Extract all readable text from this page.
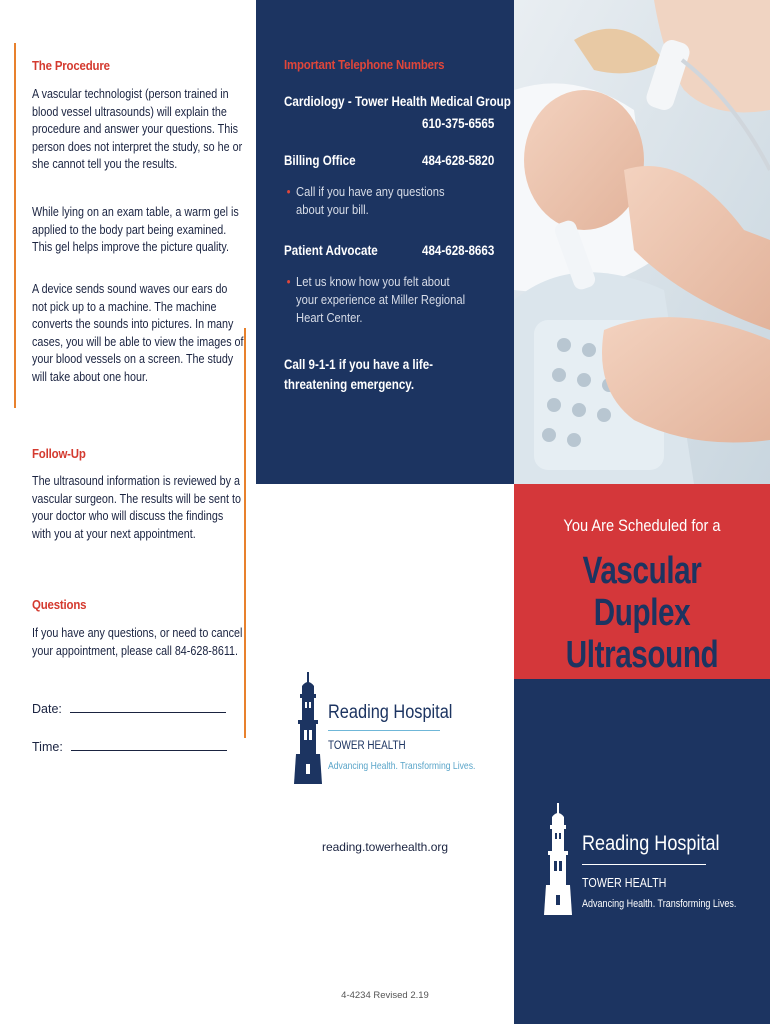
The Procedure
A vascular technologist (person trained in blood vessel ultrasounds) will explain the procedure and answer your questions. This person does not interpret the study, so he or she cannot tell you the results.
While lying on an exam table, a warm gel is applied to the body part being examined. This gel helps improve the picture quality.
A device sends sound waves our ears do not pick up to a machine. The machine converts the sounds into pictures. In many cases, you will be able to view the images of your blood vessels on a screen. The study will take about one hour.
Follow-Up
The ultrasound information is reviewed by a vascular surgeon. The results will be sent to your doctor who will discuss the findings with you at your next appointment.
Questions
If you have any questions, or need to cancel your appointment, please call 84-628-8611.
Date:
Time:
Important Telephone Numbers
Cardiology - Tower Health Medical Group
610-375-6565
Billing Office	484-628-5820
• Call if you have any questions about your bill.
Patient Advocate	484-628-8663
• Let us know how you felt about your experience at Miller Regional Heart Center.
Call 9-1-1 if you have a life-threatening emergency.
Reading Hospital
TOWER HEALTH
Advancing Health. Transforming Lives.
reading.towerhealth.org
4-4234 Revised 2.19
You Are Scheduled for a
Vascular Duplex
Ultrasound
Reading Hospital
TOWER HEALTH
Advancing Health. Transforming Lives.
